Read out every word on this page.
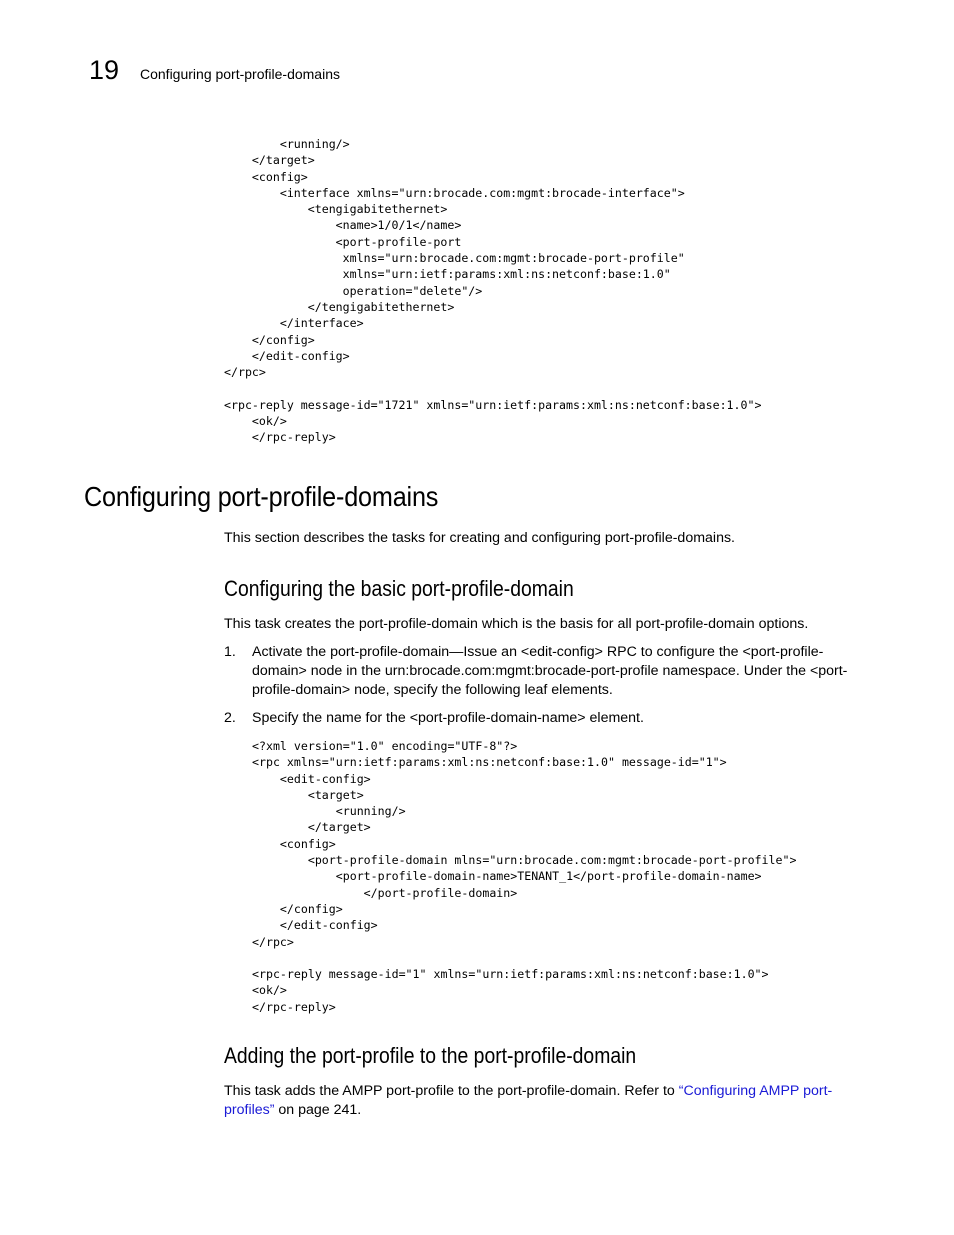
19 Configuring port-profile-domains
<running/>
</target>
<config>
<interface xmlns="urn:brocade.com:mgmt:brocade-interface">
<tengigabitethernet>
<name>1/0/1</name>
<port-profile-port
xmlns="urn:brocade.com:mgmt:brocade-port-profile"
xmlns="urn:ietf:params:xml:ns:netconf:base:1.0"
operation="delete"/>
</tengigabitethernet>
</interface>
</config>
</edit-config>
</rpc>

<rpc-reply message-id="1721" xmlns="urn:ietf:params:xml:ns:netconf:base:1.0">
<ok/>
</rpc-reply>
Configuring port-profile-domains

This section describes the tasks for creating and configuring port-profile-domains.

Configuring the basic port-profile-domain

This task creates the port-profile-domain which is the basis for all port-profile-domain options.

1. Activate the port-profile-domain—Issue an <edit-config> RPC to configure the <port-profile-domain> node in the urn:brocade.com:mgmt:brocade-port-profile namespace. Under the <port-profile-domain> node, specify the following leaf elements.
2. Specify the name for the <port-profile-domain-name> element.
<?xml version="1.0" encoding="UTF-8"?>
<rpc xmlns="urn:ietf:params:xml:ns:netconf:base:1.0" message-id="1">
<edit-config>
<target>
<running/>
</target>
<config>
<port-profile-domain mlns="urn:brocade.com:mgmt:brocade-port-profile">
<port-profile-domain-name>TENANT_1</port-profile-domain-name>
</port-profile-domain>
</config>
</edit-config>
</rpc>

<rpc-reply message-id="1" xmlns="urn:ietf:params:xml:ns:netconf:base:1.0">
<ok/>
</rpc-reply>
Adding the port-profile to the port-profile-domain

This task adds the AMPP port-profile to the port-profile-domain. Refer to “Configuring AMPP port-profiles” on page 241.
